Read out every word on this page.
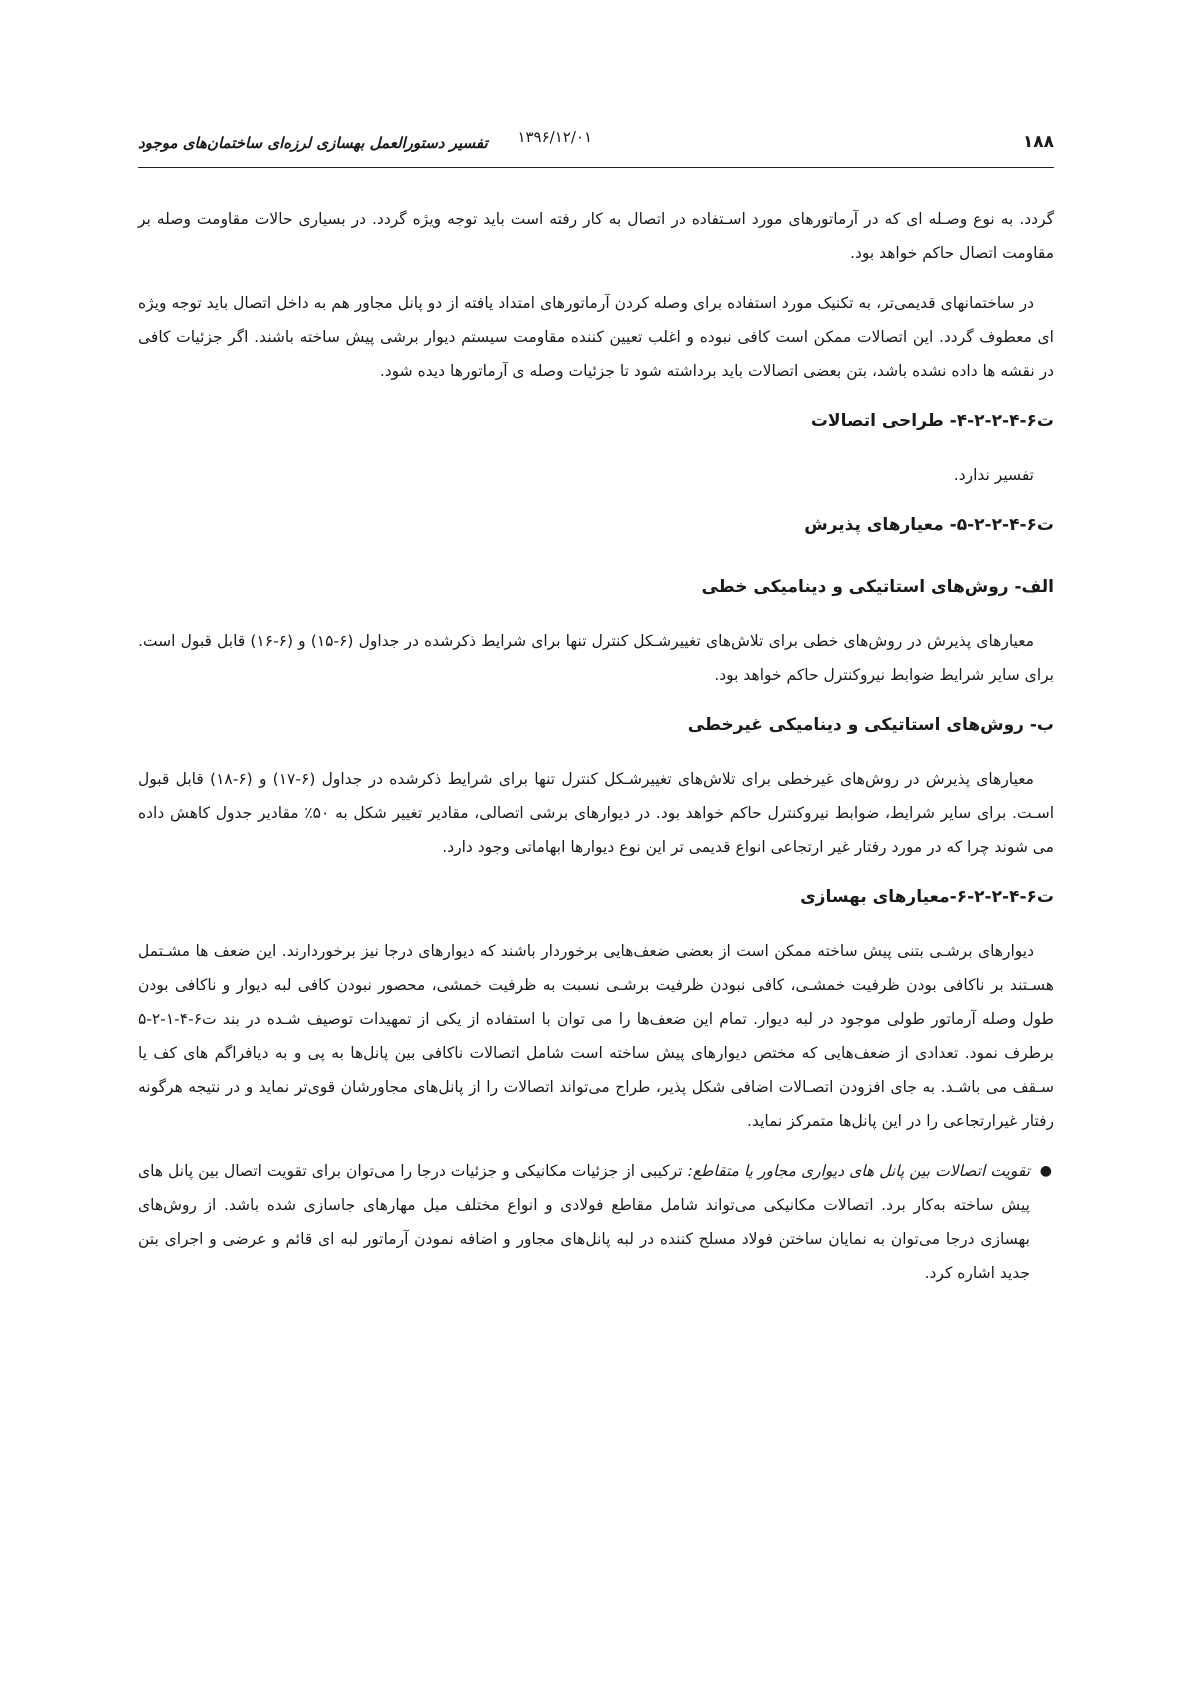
۱۸۸
۱۳۹۶/۱۲/۰۱
تفسیر دستورالعمل بهسازی لرزه‌ای ساختمان‌های موجود

گردد. به نوع وصـله ای که در آرماتورهای مورد اسـتفاده در اتصال به کار رفته است باید توجه ویژه گردد. در بسیاری حالات مقاومت وصله بر مقاومت اتصال حاکم خواهد بود.

در ساختمانهای قدیمی‌تر، به تکنیک مورد استفاده برای وصله کردن آرماتورهای امتداد یافته از دو پانل مجاور هم به داخل اتصال باید توجه ویژه ای معطوف گردد. این اتصالات ممکن است کافی نبوده و اغلب تعیین کننده مقاومت سیستم دیوار برشی پیش ساخته باشند. اگر جزئیات کافی در نقشه ها داده نشده باشد، بتن بعضی اتصالات باید برداشته شود تا جزئیات وصله ی آرماتورها دیده شود.

ت۶-۴-۲-۲-۴- طراحی اتصالات

تفسیر ندارد.

ت۶-۴-۲-۲-۵- معیارهای پذیرش
الف- روش‌های استاتیکی و دینامیکی خطی

معیارهای پذیرش در روش‌های خطی برای تلاش‌های تغییرشـکل کنترل تنها برای شرایط ذکرشده در جداول (۶-۱۵) و (۶-۱۶) قابل قبول است. برای سایر شرایط ضوابط نیروکنترل حاکم خواهد بود.

ب- روش‌های استاتیکی و دینامیکی غیرخطی

معیارهای پذیرش در روش‌های غیرخطی برای تلاش‌های تغییرشـکل کنترل تنها برای شرایط ذکرشده در جداول (۶-۱۷) و (۶-۱۸) قابل قبول اسـت. برای سایر شرایط، ضوابط نیروکنترل حاکم خواهد بود. در دیوارهای برشی اتصالی، مقادیر تغییر شکل به ۵۰٪ مقادیر جدول کاهش داده می شوند چرا که در مورد رفتار غیر ارتجاعی انواع قدیمی تر این نوع دیوارها ابهاماتی وجود دارد.

ت۶-۴-۲-۲-۶-معیارهای بهسازی

دیوارهای برشـی بتنی پیش ساخته ممکن است از بعضی ضعف‌هایی برخوردار باشند که دیوارهای درجا نیز برخوردارند. این ضعف ها مشـتمل هسـتند بر ناکافی بودن ظرفیت خمشـی، کافی نبودن ظرفیت برشـی نسبت به ظرفیت خمشی، محصور نبودن کافی لبه دیوار و ناکافی بودن طول وصله آرماتور طولی موجود در لبه دیوار. تمام این ضعف‌ها را می توان با استفاده از یکی از تمهیدات توصیف شـده در بند ت۶-۴-۱-۲-۵ برطرف نمود. تعدادی از ضعف‌هایی که مختص دیوارهای پیش ساخته است شامل اتصالات ناکافی بین پانل‌ها به پی و به دیافراگم های کف یا سـقف می باشـد. به جای افزودن اتصـالات اضافی شکل پذیر، طراح می‌تواند اتصالات را از پانل‌های مجاورشان قوی‌تر نماید و در نتیجه هرگونه رفتار غیرارتجاعی را در این پانل‌ها متمرکز نماید.

●
تقویت اتصالات بین پانل های دیواری مجاور یا متقاطع: ترکیبی از جزئیات مکانیکی و جزئیات درجا را می‌توان برای تقویت اتصال بین پانل های پیش ساخته به‌کار برد. اتصالات مکانیکی می‌تواند شامل مقاطع فولادی و انواع مختلف میل مهارهای جاسازی شده باشد. از روش‌های بهسازی درجا می‌توان به نمایان ساختن فولاد مسلح کننده در لبه پانل‌های مجاور و اضافه نمودن آرماتور لبه ای قائم و عرضی و اجرای بتن جدید اشاره کرد.
